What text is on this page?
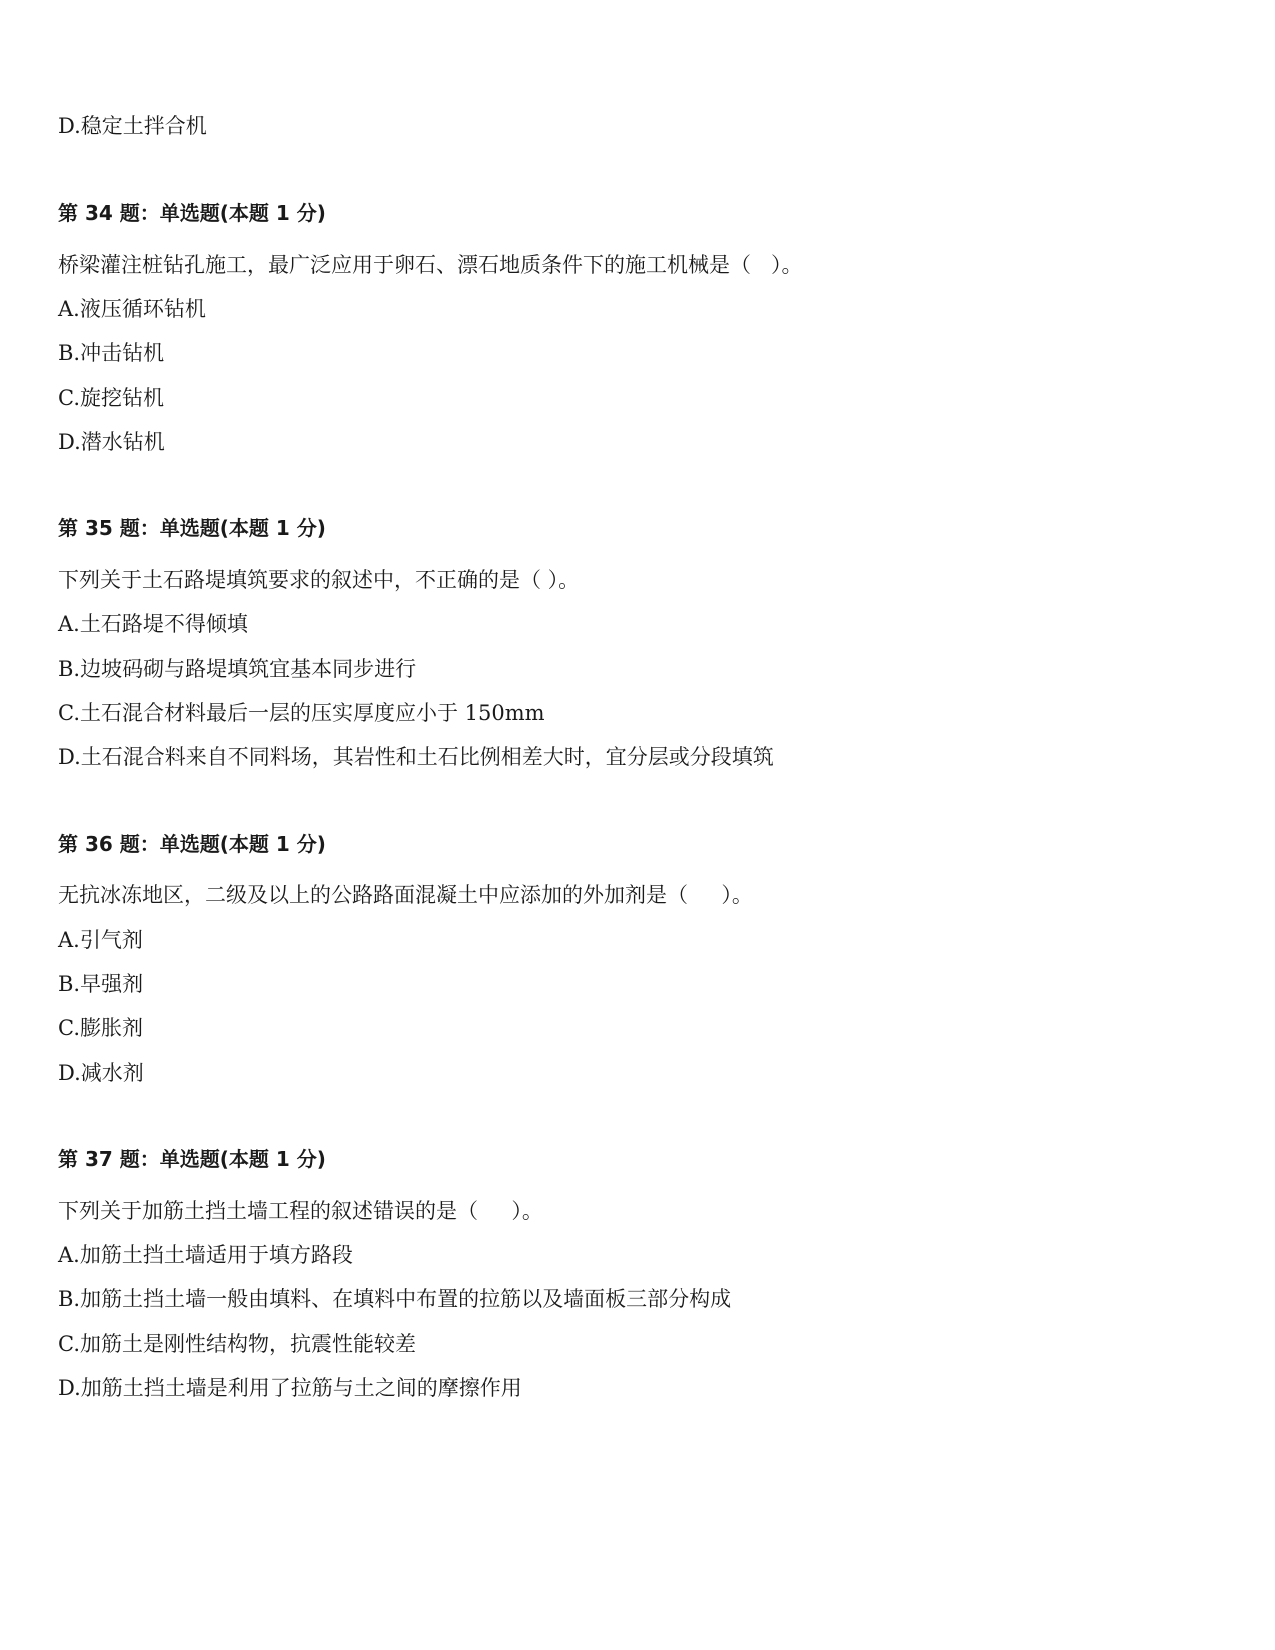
D.稳定土拌合机
第 34 题：单选题(本题 1 分)
桥梁灌注桩钻孔施工，最广泛应用于卵石、漂石地质条件下的施工机械是（   ）。
A.液压循环钻机
B.冲击钻机
C.旋挖钻机
D.潜水钻机
第 35 题：单选题(本题 1 分)
下列关于土石路堤填筑要求的叙述中，不正确的是（ ）。
A.土石路堤不得倾填
B.边坡码砌与路堤填筑宜基本同步进行
C.土石混合材料最后一层的压实厚度应小于 150mm
D.土石混合料来自不同料场，其岩性和土石比例相差大时，宜分层或分段填筑
第 36 题：单选题(本题 1 分)
无抗冰冻地区，二级及以上的公路路面混凝土中应添加的外加剂是（     ）。
A.引气剂
B.早强剂
C.膨胀剂
D.减水剂
第 37 题：单选题(本题 1 分)
下列关于加筋土挡土墙工程的叙述错误的是（     ）。
A.加筋土挡土墙适用于填方路段
B.加筋土挡土墙一般由填料、在填料中布置的拉筋以及墙面板三部分构成
C.加筋土是刚性结构物，抗震性能较差
D.加筋土挡土墙是利用了拉筋与土之间的摩擦作用
